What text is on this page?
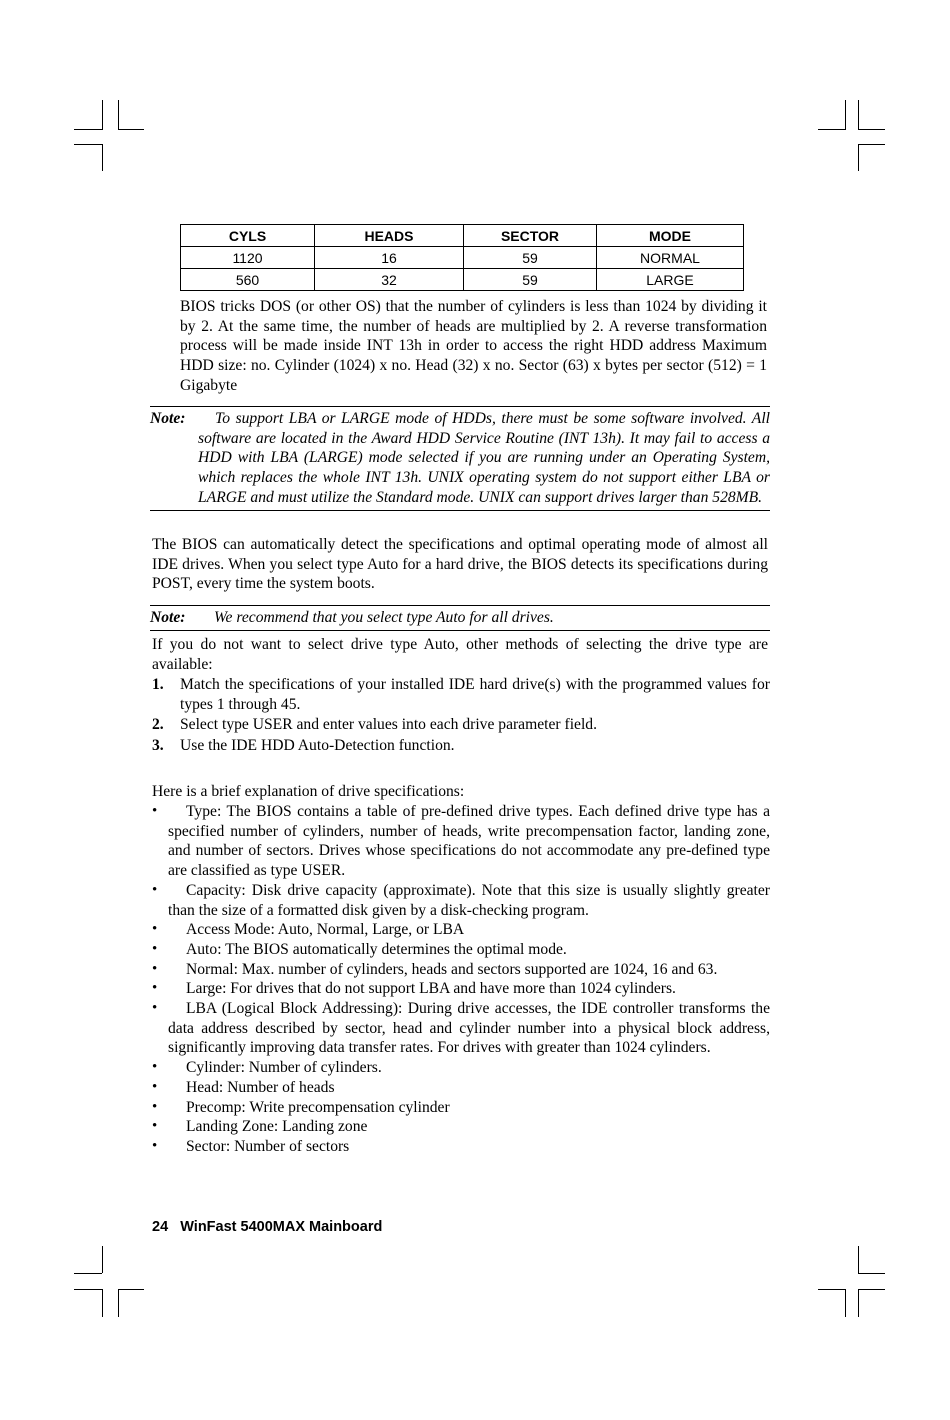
CYLS	HEADS	SECTOR	MODE
1120	16	59	NORMAL
560	32	59	LARGE

BIOS tricks DOS (or other OS) that the number of cylinders is less than 1024 by dividing it by 2. At the same time, the number of heads are multiplied by 2. A reverse transformation process will be made inside INT 13h in order to access the right HDD address Maximum HDD size: no. Cylinder (1024) x no. Head (32) x no. Sector (63) x bytes per sector (512) = 1 Gigabyte

Note:	To support LBA or LARGE mode of HDDs, there must be some software involved. All software are located in the Award HDD Service Routine (INT 13h). It may fail to access a HDD with LBA (LARGE) mode selected if you are running under an Operating System, which replaces the whole INT 13h. UNIX operating system do not support either LBA or LARGE and must utilize the Standard mode. UNIX can support drives larger than 528MB.

The BIOS can automatically detect the specifications and optimal operating mode of almost all IDE drives. When you select type Auto for a hard drive, the BIOS detects its specifications during POST, every time the system boots.

Note: We recommend that you select type Auto for all drives.

If you do not want to select drive type Auto, other methods of selecting the drive type are available:

1. Match the specifications of your installed IDE hard drive(s) with the programmed values for types 1 through 45.
2. Select type USER and enter values into each drive parameter field.
3. Use the IDE HDD Auto-Detection function.

Here is a brief explanation of drive specifications:

• Type: The BIOS contains a table of pre-defined drive types. Each defined drive type has a specified number of cylinders, number of heads, write precompensation factor, landing zone, and number of sectors. Drives whose specifications do not accommodate any pre-defined type are classified as type USER.
• Capacity: Disk drive capacity (approximate). Note that this size is usually slightly greater than the size of a formatted disk given by a disk-checking program.
• Access Mode: Auto, Normal, Large, or LBA
• Auto: The BIOS automatically determines the optimal mode.
• Normal: Max. number of cylinders, heads and sectors supported are 1024, 16 and 63.
• Large: For drives that do not support LBA and have more than 1024 cylinders.
• LBA (Logical Block Addressing): During drive accesses, the IDE controller transforms the data address described by sector, head and cylinder number into a physical block address, significantly improving data transfer rates. For drives with greater than 1024 cylinders.
• Cylinder: Number of cylinders.
• Head: Number of heads
• Precomp: Write precompensation cylinder
• Landing Zone: Landing zone
• Sector: Number of sectors
24 WinFast 5400MAX Mainboard
